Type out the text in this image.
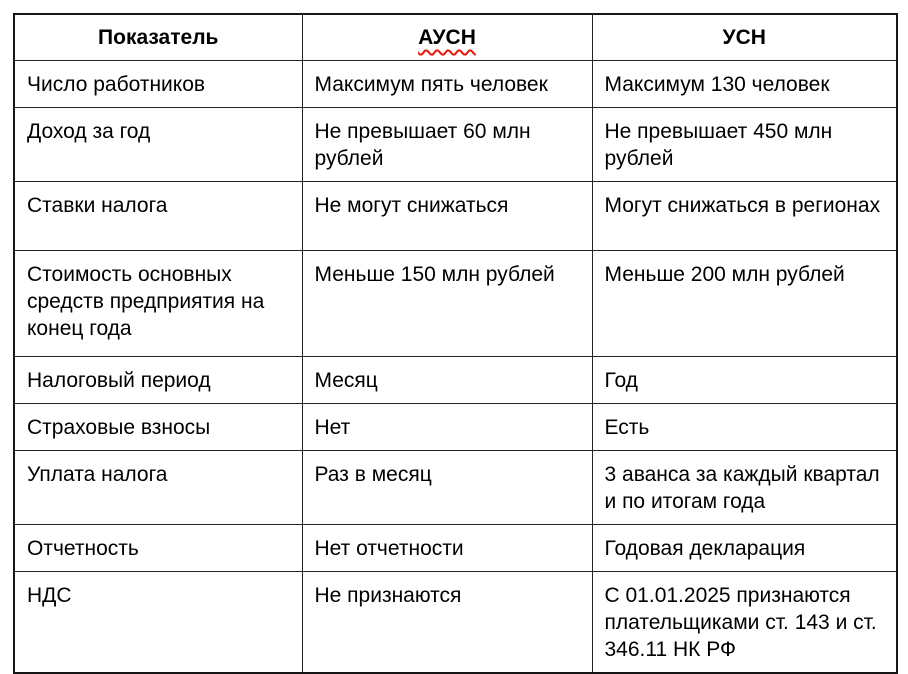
Показатель	АУСН	УСН
Число работников	Максимум пять человек	Максимум 130 человек
Доход за год	Не превышает 60 млн рублей	Не превышает 450 млн рублей
Ставки налога	Не могут снижаться	Могут снижаться в регионах
Стоимость основных средств предприятия на конец года	Меньше 150 млн рублей	Меньше 200 млн рублей
Налоговый период	Месяц	Год
Страховые взносы	Нет	Есть
Уплата налога	Раз в месяц	3 аванса за каждый квартал и по итогам года
Отчетность	Нет отчетности	Годовая декларация
НДС	Не признаются	С 01.01.2025 признаются плательщиками ст. 143 и ст. 346.11 НК РФ
